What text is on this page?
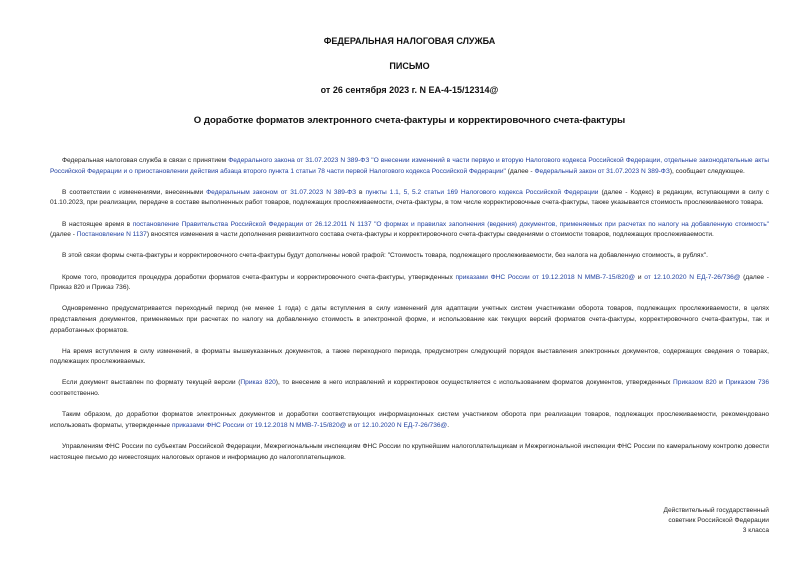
ФЕДЕРАЛЬНАЯ НАЛОГОВАЯ СЛУЖБА
ПИСЬМО
от 26 сентября 2023 г. N ЕА-4-15/12314@
О доработке форматов электронного счета-фактуры и корректировочного счета-фактуры

Федеральная налоговая служба в связи с принятием Федерального закона от 31.07.2023 N 389-ФЗ "О внесении изменений в части первую и вторую Налогового кодекса Российской Федерации, отдельные законодательные акты Российской Федерации и о приостановлении действия абзаца второго пункта 1 статьи 78 части первой Налогового кодекса Российской Федерации" (далее - Федеральный закон от 31.07.2023 N 389-ФЗ), сообщает следующее.

В соответствии с изменениями, внесенными Федеральным законом от 31.07.2023 N 389-ФЗ в пункты 1.1, 5, 5.2 статьи 169 Налогового кодекса Российской Федерации (далее - Кодекс) в редакции, вступающими в силу с 01.10.2023, при реализации, передаче в составе выполненных работ товаров, подлежащих прослеживаемости, счета-фактуры, в том числе корректировочные счета-фактуры, также указывается стоимость прослеживаемого товара.

В настоящее время в постановление Правительства Российской Федерации от 26.12.2011 N 1137 "О формах и правилах заполнения (ведения) документов, применяемых при расчетах по налогу на добавленную стоимость" (далее - Постановление N 1137) вносятся изменения в части дополнения реквизитного состава счета-фактуры и корректировочного счета-фактуры сведениями о стоимости товаров, подлежащих прослеживаемости.

В этой связи формы счета-фактуры и корректировочного счета-фактуры будут дополнены новой графой: "Стоимость товара, подлежащего прослеживаемости, без налога на добавленную стоимость, в рублях".

Кроме того, проводится процедура доработки форматов счета-фактуры и корректировочного счета-фактуры, утвержденных приказами ФНС России от 19.12.2018 N ММВ-7-15/820@ и от 12.10.2020 N ЕД-7-26/736@ (далее - Приказ 820 и Приказ 736).

Одновременно предусматривается переходный период (не менее 1 года) с даты вступления в силу изменений для адаптации учетных систем участниками оборота товаров, подлежащих прослеживаемости, в целях представления документов, применяемых при расчетах по налогу на добавленную стоимость в электронной форме, и использование как текущих версий форматов счета-фактуры, корректировочного счета-фактуры, так и доработанных форматов.

На время вступления в силу изменений, в форматы вышеуказанных документов, а также переходного периода, предусмотрен следующий порядок выставления электронных документов, содержащих сведения о товарах, подлежащих прослеживаемых.

Если документ выставлен по формату текущей версии (Приказ 820), то внесение в него исправлений и корректировок осуществляется с использованием форматов документов, утвержденных Приказом 820 и Приказом 736 соответственно.

Таким образом, до доработки форматов электронных документов и доработки соответствующих информационных систем участником оборота при реализации товаров, подлежащих прослеживаемости, рекомендовано использовать форматы, утвержденные приказами ФНС России от 19.12.2018 N ММВ-7-15/820@ и от 12.10.2020 N ЕД-7-26/736@.

Управлениям ФНС России по субъектам Российской Федерации, Межрегиональным инспекциям ФНС России по крупнейшим налогоплательщикам и Межрегиональной инспекции ФНС России по камеральному контролю довести настоящее письмо до нижестоящих налоговых органов и информацию до налогоплательщиков.

Действительный государственный
советник Российской Федерации
3 класса
